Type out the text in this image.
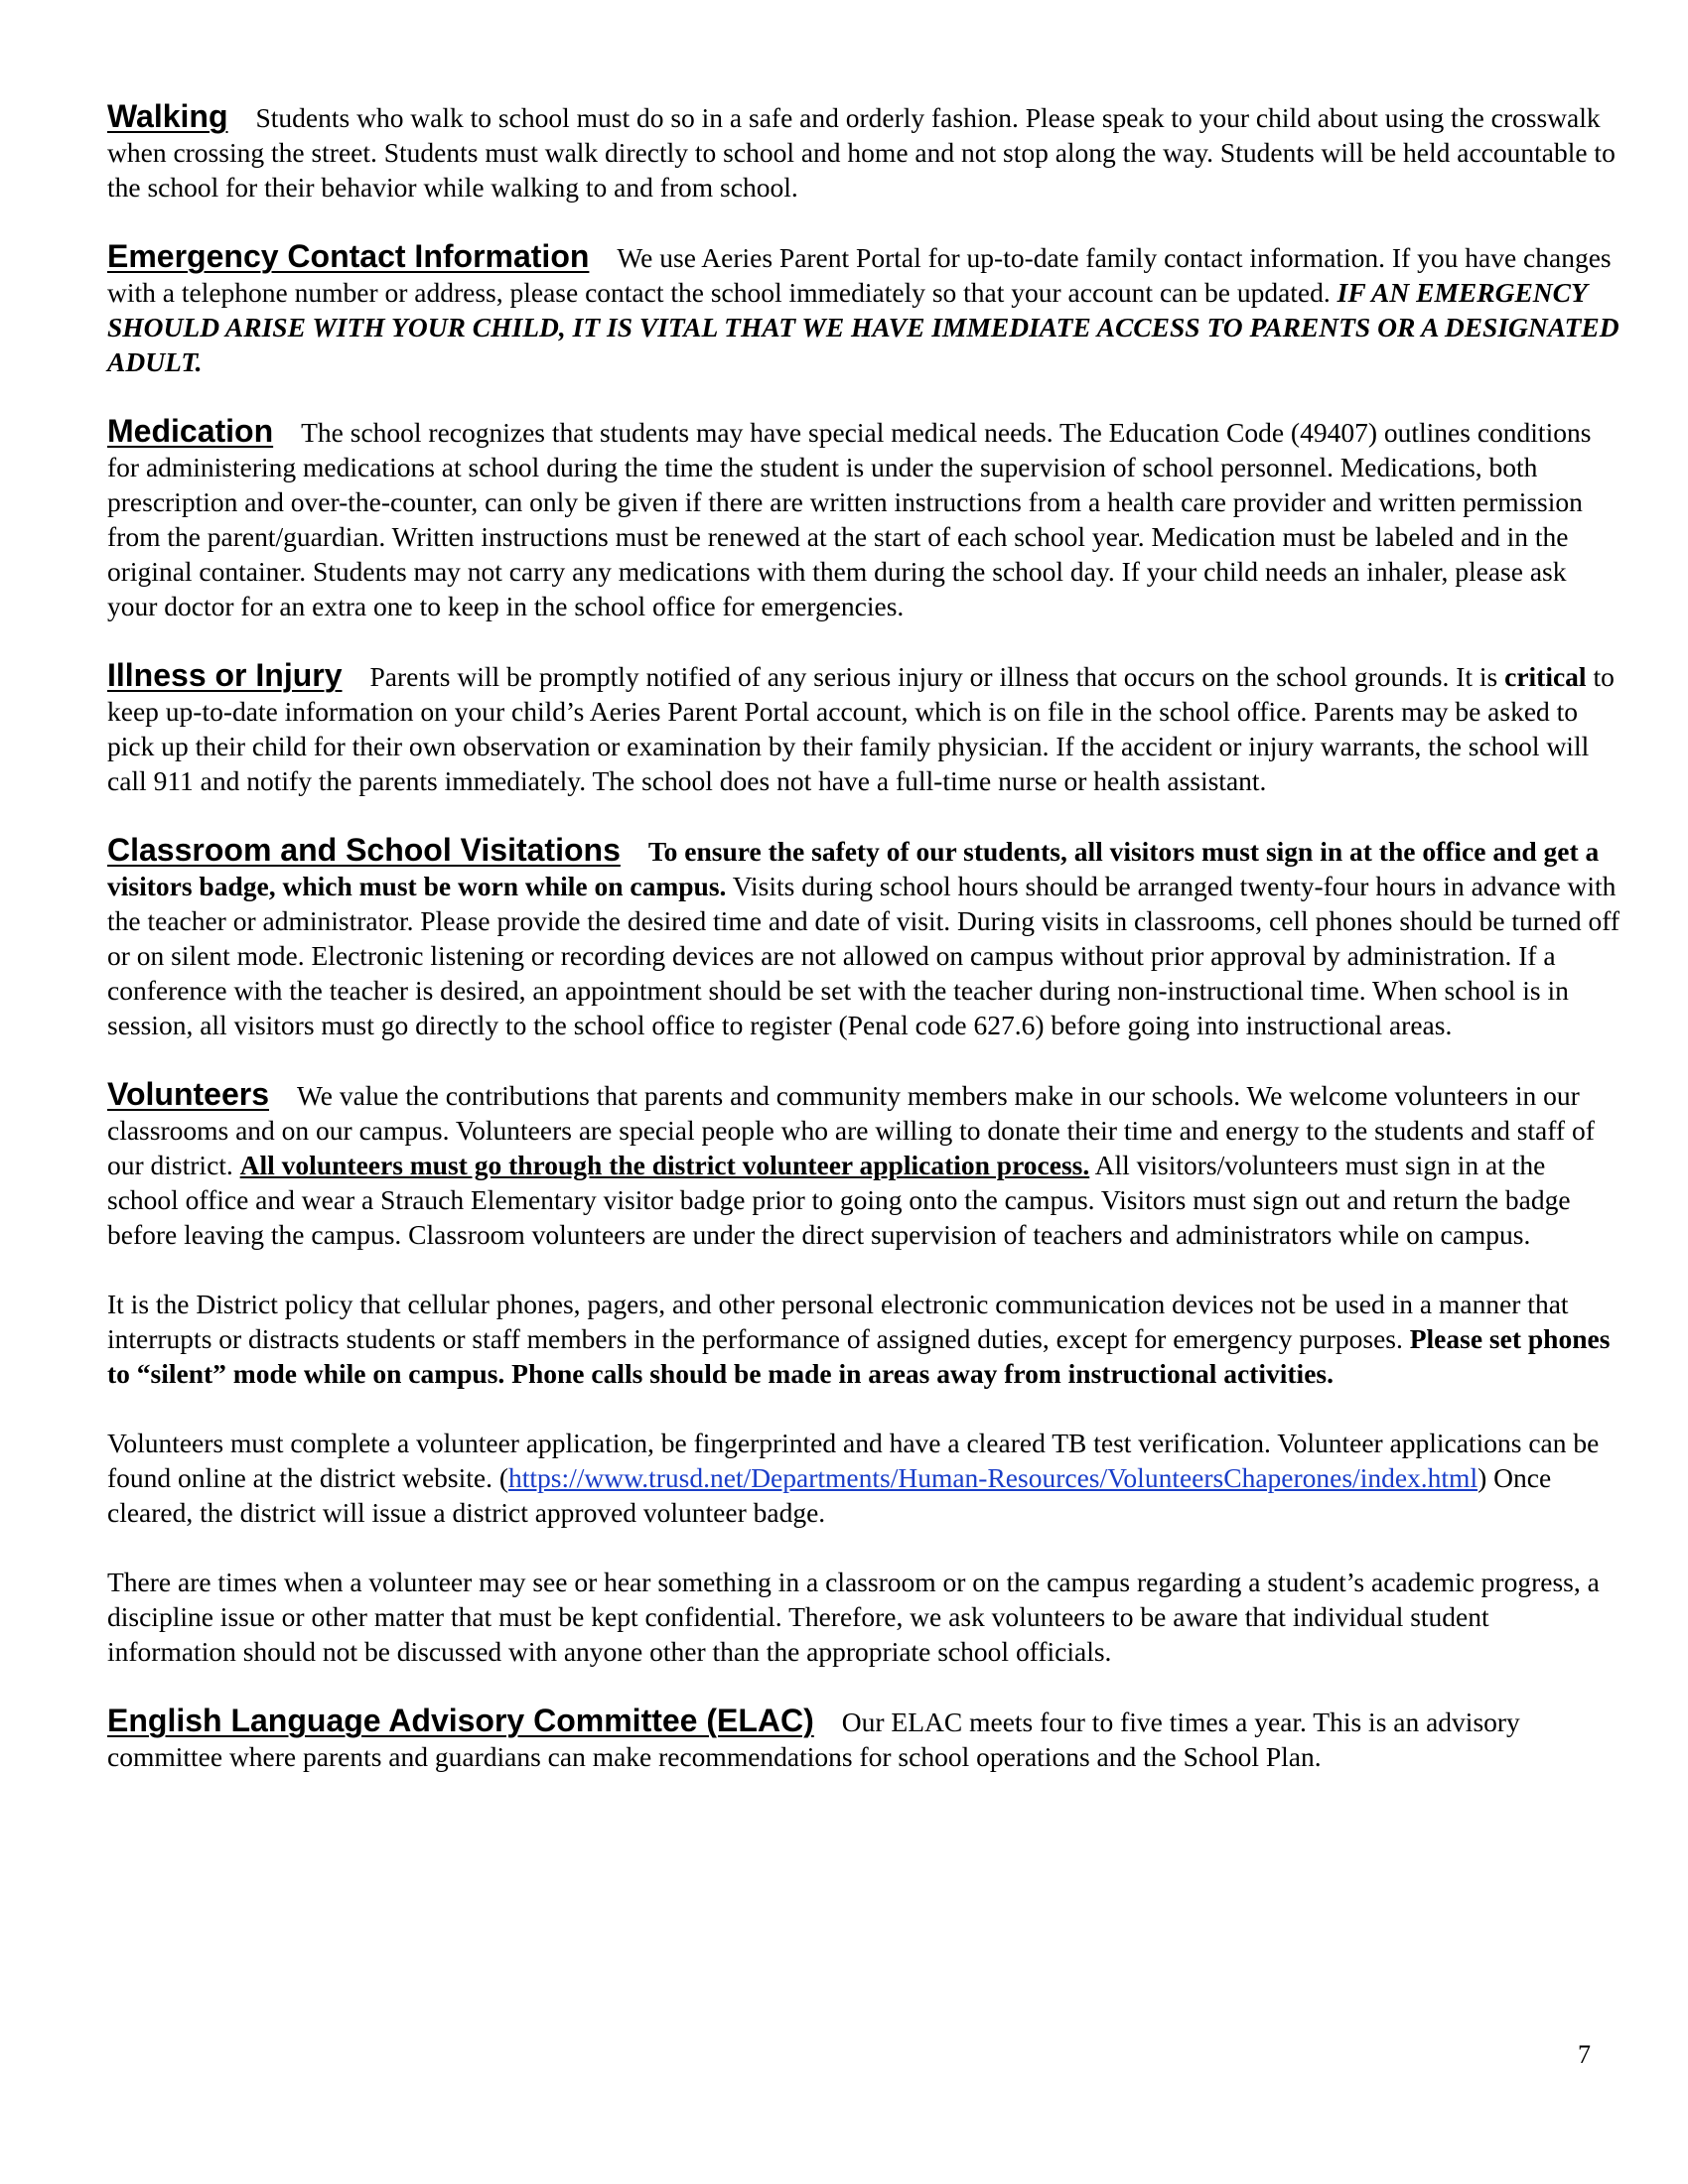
Walking Students who walk to school must do so in a safe and orderly fashion. Please speak to your child about using the crosswalk when crossing the street. Students must walk directly to school and home and not stop along the way. Students will be held accountable to the school for their behavior while walking to and from school.

Emergency Contact Information We use Aeries Parent Portal for up-to-date family contact information. If you have changes with a telephone number or address, please contact the school immediately so that your account can be updated. IF AN EMERGENCY SHOULD ARISE WITH YOUR CHILD, IT IS VITAL THAT WE HAVE IMMEDIATE ACCESS TO PARENTS OR A DESIGNATED ADULT.

Medication The school recognizes that students may have special medical needs. The Education Code (49407) outlines conditions for administering medications at school during the time the student is under the supervision of school personnel. Medications, both prescription and over-the-counter, can only be given if there are written instructions from a health care provider and written permission from the parent/guardian. Written instructions must be renewed at the start of each school year. Medication must be labeled and in the original container. Students may not carry any medications with them during the school day. If your child needs an inhaler, please ask your doctor for an extra one to keep in the school office for emergencies.

Illness or Injury Parents will be promptly notified of any serious injury or illness that occurs on the school grounds. It is critical to keep up-to-date information on your child’s Aeries Parent Portal account, which is on file in the school office. Parents may be asked to pick up their child for their own observation or examination by their family physician. If the accident or injury warrants, the school will call 911 and notify the parents immediately. The school does not have a full-time nurse or health assistant.

Classroom and School Visitations To ensure the safety of our students, all visitors must sign in at the office and get a visitors badge, which must be worn while on campus. Visits during school hours should be arranged twenty-four hours in advance with the teacher or administrator. Please provide the desired time and date of visit. During visits in classrooms, cell phones should be turned off or on silent mode. Electronic listening or recording devices are not allowed on campus without prior approval by administration. If a conference with the teacher is desired, an appointment should be set with the teacher during non-instructional time. When school is in session, all visitors must go directly to the school office to register (Penal code 627.6) before going into instructional areas.

Volunteers We value the contributions that parents and community members make in our schools. We welcome volunteers in our classrooms and on our campus. Volunteers are special people who are willing to donate their time and energy to the students and staff of our district. All volunteers must go through the district volunteer application process. All visitors/volunteers must sign in at the school office and wear a Strauch Elementary visitor badge prior to going onto the campus. Visitors must sign out and return the badge before leaving the campus. Classroom volunteers are under the direct supervision of teachers and administrators while on campus.

It is the District policy that cellular phones, pagers, and other personal electronic communication devices not be used in a manner that interrupts or distracts students or staff members in the performance of assigned duties, except for emergency purposes. Please set phones to “silent” mode while on campus. Phone calls should be made in areas away from instructional activities.

Volunteers must complete a volunteer application, be fingerprinted and have a cleared TB test verification. Volunteer applications can be found online at the district website. (https://www.trusd.net/Departments/Human-Resources/VolunteersChaperones/index.html) Once cleared, the district will issue a district approved volunteer badge.

There are times when a volunteer may see or hear something in a classroom or on the campus regarding a student’s academic progress, a discipline issue or other matter that must be kept confidential. Therefore, we ask volunteers to be aware that individual student information should not be discussed with anyone other than the appropriate school officials.

English Language Advisory Committee (ELAC) Our ELAC meets four to five times a year. This is an advisory committee where parents and guardians can make recommendations for school operations and the School Plan.

7
